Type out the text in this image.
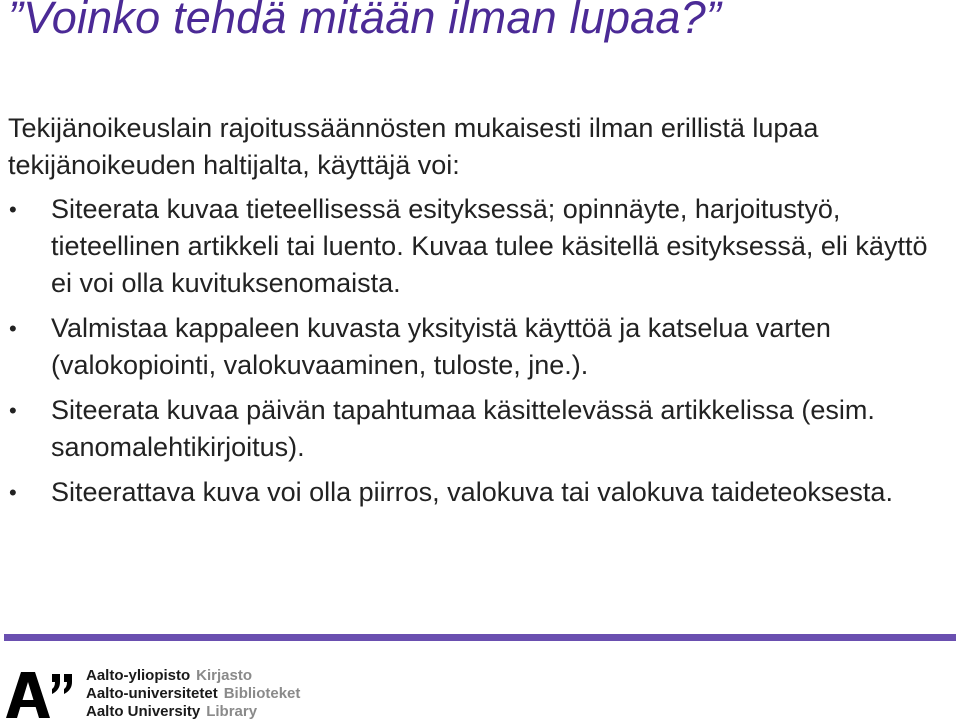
”Voinko tehdä mitään ilman lupaa?”

Tekijänoikeuslain rajoitussäännösten mukaisesti ilman erillistä lupaa tekijänoikeuden haltijalta, käyttäjä voi:

• Siteerata kuvaa tieteellisessä esityksessä; opinnäyte, harjoitustyö, tieteellinen artikkeli tai luento. Kuvaa tulee käsitellä esityksessä, eli käyttö ei voi olla kuvituksenomaista.
• Valmistaa kappaleen kuvasta yksityistä käyttöä ja katselua varten (valokopiointi, valokuvaaminen, tuloste, jne.).
• Siteerata kuvaa päivän tapahtumaa käsittelevässä artikkelissa (esim. sanomalehtikirjoitus).
• Siteerattava kuva voi olla piirros, valokuva tai valokuva taideteoksesta.
Aalto-yliopisto Kirjasto
Aalto-universitetet Biblioteket
Aalto University Library
